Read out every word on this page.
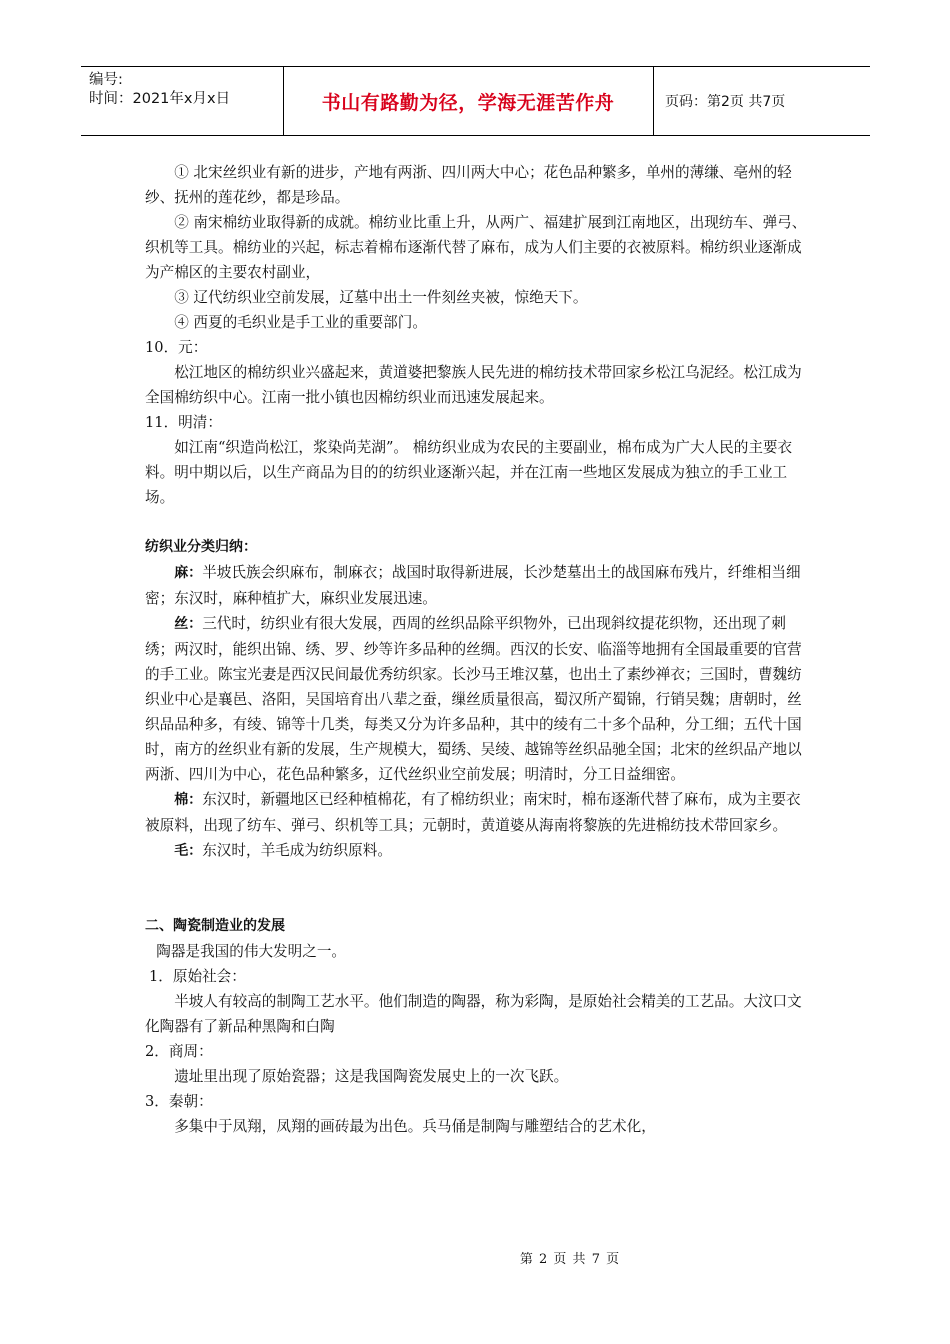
编号:
时间：2021年x月x日	书山有路勤为径，学海无涯苦作舟	页码：第2页 共7页

① 北宋丝织业有新的进步，产地有两浙、四川两大中心；花色品种繁多，单州的薄缣、亳州的轻纱、抚州的莲花纱，都是珍品。

② 南宋棉纺业取得新的成就。棉纺业比重上升，从两广、福建扩展到江南地区，出现纺车、弹弓、织机等工具。棉纺业的兴起，标志着棉布逐渐代替了麻布，成为人们主要的衣被原料。棉纺织业逐渐成为产棉区的主要农村副业，

③ 辽代纺织业空前发展，辽墓中出土一件刻丝夹被，惊绝天下。

④ 西夏的毛织业是手工业的重要部门。

10．元：

松江地区的棉纺织业兴盛起来，黄道婆把黎族人民先进的棉纺技术带回家乡松江乌泥经。松江成为全国棉纺织中心。江南一批小镇也因棉纺织业而迅速发展起来。

11．明清：

如江南“织造尚松江，浆染尚芜湖”。 棉纺织业成为农民的主要副业，棉布成为广大人民的主要衣料。明中期以后，以生产商品为目的的纺织业逐渐兴起，并在江南一些地区发展成为独立的手工业工场。

纺织业分类归纳：

麻：半坡氏族会织麻布，制麻衣；战国时取得新进展，长沙楚墓出土的战国麻布残片，纤维相当细密；东汉时，麻种植扩大，麻织业发展迅速。

丝：三代时，纺织业有很大发展，西周的丝织品除平织物外，已出现斜纹提花织物，还出现了刺绣；两汉时，能织出锦、绣、罗、纱等许多品种的丝绸。西汉的长安、临淄等地拥有全国最重要的官营的手工业。陈宝光妻是西汉民间最优秀纺织家。长沙马王堆汉墓，也出土了素纱禅衣；三国时，曹魏纺织业中心是襄邑、洛阳，吴国培育出八辈之蚕，缫丝质量很高，蜀汉所产蜀锦，行销吴魏；唐朝时，丝织品品种多，有绫、锦等十几类，每类又分为许多品种，其中的绫有二十多个品种，分工细；五代十国时，南方的丝织业有新的发展，生产规模大，蜀绣、吴绫、越锦等丝织品驰全国；北宋的丝织品产地以两浙、四川为中心，花色品种繁多，辽代丝织业空前发展；明清时，分工日益细密。

棉：东汉时，新疆地区已经种植棉花，有了棉纺织业；南宋时，棉布逐渐代替了麻布，成为主要衣被原料，出现了纺车、弹弓、织机等工具；元朝时，黄道婆从海南将黎族的先进棉纺技术带回家乡。

毛：东汉时，羊毛成为纺织原料。

二、陶瓷制造业的发展

陶器是我国的伟大发明之一。

1．原始社会：

半坡人有较高的制陶工艺水平。他们制造的陶器，称为彩陶，是原始社会精美的工艺品。大汶口文化陶器有了新品种黑陶和白陶

2．商周：

遗址里出现了原始瓷器；这是我国陶瓷发展史上的一次飞跃。

3．秦朝：

多集中于凤翔，凤翔的画砖最为出色。兵马俑是制陶与雕塑结合的艺术化，

第 2 页 共 7 页
